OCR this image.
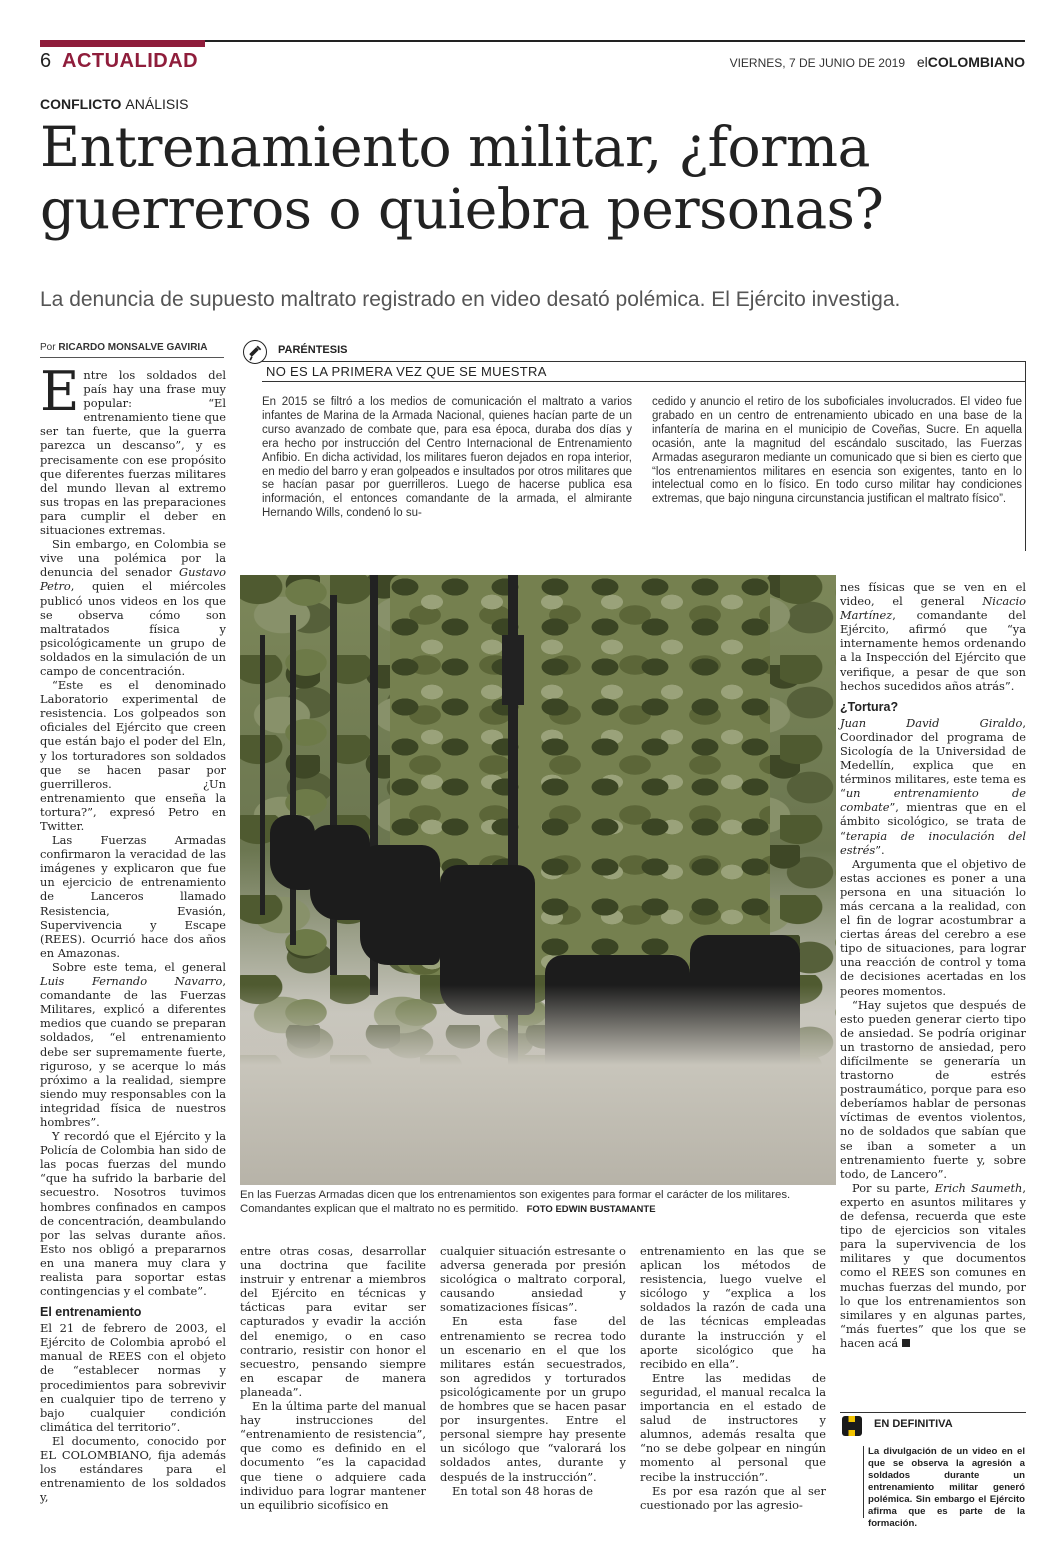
6 ACTUALIDAD	VIERNES, 7 DE JUNIO DE 2019 elCOLOMBIANO
CONFLICTO ANÁLISIS
Entrenamiento militar, ¿forma guerreros o quiebra personas?
La denuncia de supuesto maltrato registrado en video desató polémica. El Ejército investiga.
Por RICARDO MONSALVE GAVIRIA	PARÉNTESIS
NO ES LA PRIMERA VEZ QUE SE MUESTRA
En 2015 se filtró a los medios de comunicación el maltrato a varios infantes de Marina de la Armada Nacional, quienes hacían parte de un curso avanzado de combate que, para esa época, duraba dos días y era hecho por instrucción del Centro Internacional de Entrenamiento Anfibio. En dicha actividad, los militares fueron dejados en ropa interior, en medio del barro y eran golpeados e insultados por otros militares que se hacían pasar por guerrilleros. Luego de hacerse publica esa información, el entonces comandante de la armada, el almirante Hernando Wills, condenó lo su-
cedido y anuncio el retiro de los suboficiales involucrados. El video fue grabado en un centro de entrenamiento ubicado en una base de la infantería de marina en el municipio de Coveñas, Sucre. En aquella ocasión, ante la magnitud del escándalo suscitado, las Fuerzas Armadas aseguraron mediante un comunicado que si bien es cierto que “los entrenamientos militares en esencia son exigentes, tanto en lo intelectual como en lo físico. En todo curso militar hay condiciones extremas, que bajo ninguna circunstancia justifican el maltrato físico”.

Entre los soldados del país hay una frase muy popular: “El entrenamiento tiene que ser tan fuerte, que la guerra parezca un descanso”, y es precisamente con ese propósito que diferentes fuerzas militares del mundo llevan al extremo sus tropas en las preparaciones para cumplir el deber en situaciones extremas.

Sin embargo, en Colombia se vive una polémica por la denuncia del senador Gustavo Petro, quien el miércoles publicó unos videos en los que se observa cómo son maltratados física y psicológicamente un grupo de soldados en la simulación de un campo de concentración.

“Este es el denominado Laboratorio experimental de resistencia. Los golpeados son oficiales del Ejército que creen que están bajo el poder del Eln, y los torturadores son soldados que se hacen pasar por guerrilleros. ¿Un entrenamiento que enseña la tortura?”, expresó Petro en Twitter.

Las Fuerzas Armadas confirmaron la veracidad de las imágenes y explicaron que fue un ejercicio de entrenamiento de Lanceros llamado Resistencia, Evasión, Supervivencia y Escape (REES). Ocurrió hace dos años en Amazonas.

Sobre este tema, el general Luis Fernando Navarro, comandante de las Fuerzas Militares, explicó a diferentes medios que cuando se preparan soldados, “el entrenamiento debe ser supremamente fuerte, riguroso, y se acerque lo más próximo a la realidad, siempre siendo muy responsables con la integridad física de nuestros hombres”.

Y recordó que el Ejército y la Policía de Colombia han sido de las pocas fuerzas del mundo “que ha sufrido la barbarie del secuestro. Nosotros tuvimos hombres confinados en campos de concentración, deambulando por las selvas durante años. Esto nos obligó a prepararnos en una manera muy clara y realista para soportar estas contingencias y el combate”.

El entrenamiento

El 21 de febrero de 2003, el Ejército de Colombia aprobó el manual de REES con el objeto de “establecer normas y procedimientos para sobrevivir en cualquier tipo de terreno y bajo cualquier condición climática del territorio”.

El documento, conocido por EL COLOMBIANO, fija además los estándares para el entrenamiento de los soldados y,

En las Fuerzas Armadas dicen que los entrenamientos son exigentes para formar el carácter de los militares. Comandantes explican que el maltrato no es permitido. FOTO EDWIN BUSTAMANTE

entre otras cosas, desarrollar una doctrina que facilite instruir y entrenar a miembros del Ejército en técnicas y tácticas para evitar ser capturados y evadir la acción del enemigo, o en caso contrario, resistir con honor el secuestro, pensando siempre en escapar de manera planeada”.

En la última parte del manual hay instrucciones del “entrenamiento de resistencia”, que como es definido en el documento “es la capacidad que tiene o adquiere cada individuo para lograr mantener un equilibrio sicofísico en

cualquier situación estresante o adversa generada por presión sicológica o maltrato corporal, causando ansiedad y somatizaciones físicas”.

En esta fase del entrenamiento se recrea todo un escenario en el que los militares están secuestrados, son agredidos y torturados psicológicamente por un grupo de hombres que se hacen pasar por insurgentes. Entre el personal siempre hay presente un sicólogo que “valorará los soldados antes, durante y después de la instrucción”.

En total son 48 horas de

entrenamiento en las que se aplican los métodos de resistencia, luego vuelve el sicólogo y “explica a los soldados la razón de cada una de las técnicas empleadas durante la instrucción y el aporte sicológico que ha recibido en ella”.

Entre las medidas de seguridad, el manual recalca la importancia en el estado de salud de instructores y alumnos, además resalta que “no se debe golpear en ningún momento al personal que recibe la instrucción”.

Es por esa razón que al ser cuestionado por las agresio-

nes físicas que se ven en el video, el general Nicacio Martínez, comandante del Ejército, afirmó que “ya internamente hemos ordenando a la Inspección del Ejército que verifique, a pesar de que son hechos sucedidos años atrás”.

¿Tortura?

Juan David Giraldo, Coordinador del programa de Sicología de la Universidad de Medellín, explica que en términos militares, este tema es “un entrenamiento de combate”, mientras que en el ámbito sicológico, se trata de “terapia de inoculación del estrés”.

Argumenta que el objetivo de estas acciones es poner a una persona en una situación lo más cercana a la realidad, con el fin de lograr acostumbrar a ciertas áreas del cerebro a ese tipo de situaciones, para lograr una reacción de control y toma de decisiones acertadas en los peores momentos.

“Hay sujetos que después de esto pueden generar cierto tipo de ansiedad. Se podría originar un trastorno de ansiedad, pero difícilmente se generaría un trastorno de estrés postraumático, porque para eso deberíamos hablar de personas víctimas de eventos violentos, no de soldados que sabían que se iban a someter a un entrenamiento fuerte y, sobre todo, de Lancero”.

Por su parte, Erich Saumeth, experto en asuntos militares y de defensa, recuerda que este tipo de ejercicios son vitales para la supervivencia de los militares y que documentos como el REES son comunes en muchas fuerzas del mundo, por lo que los entrenamientos son similares y en algunas partes, “más fuertes” que los que se hacen acá

EN DEFINITIVA
La divulgación de un video en el que se observa la agresión a soldados durante un entrenamiento militar generó polémica. Sin embargo el Ejército afirma que es parte de la formación.
